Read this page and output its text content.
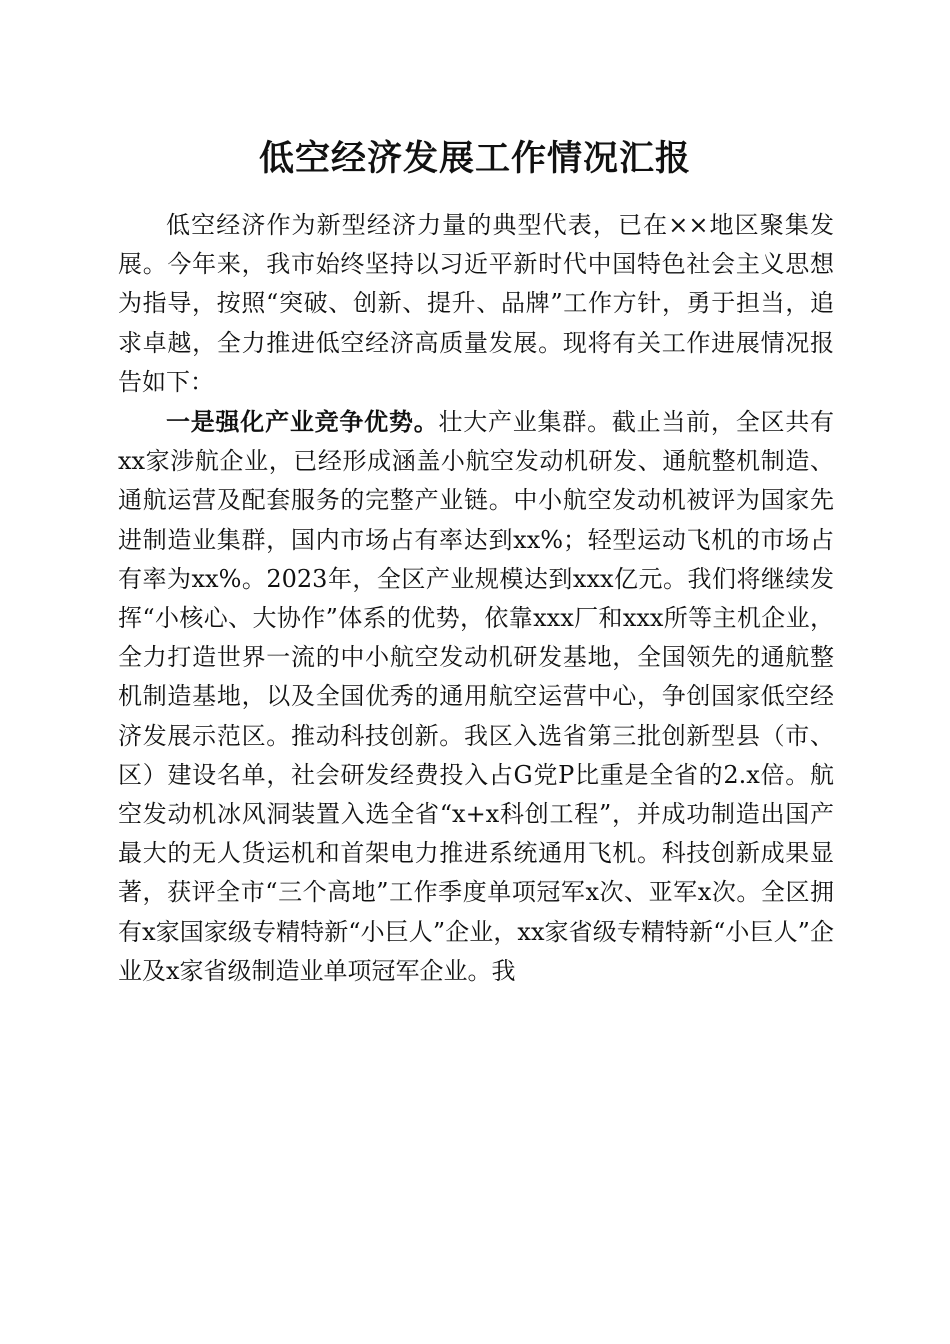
低空经济发展工作情况汇报

低空经济作为新型经济力量的典型代表，已在××地区聚集发展。今年来，我市始终坚持以习近平新时代中国特色社会主义思想为指导，按照“突破、创新、提升、品牌”工作方针，勇于担当，追求卓越，全力推进低空经济高质量发展。现将有关工作进展情况报告如下：

一是强化产业竞争优势。壮大产业集群。截止当前，全区共有xx家涉航企业，已经形成涵盖小航空发动机研发、通航整机制造、通航运营及配套服务的完整产业链。中小航空发动机被评为国家先进制造业集群，国内市场占有率达到xx%；轻型运动飞机的市场占有率为xx%。2023年，全区产业规模达到xxx亿元。我们将继续发挥“小核心、大协作”体系的优势，依靠xxx厂和xxx所等主机企业，全力打造世界一流的中小航空发动机研发基地，全国领先的通航整机制造基地，以及全国优秀的通用航空运营中心，争创国家低空经济发展示范区。推动科技创新。我区入选省第三批创新型县（市、区）建设名单，社会研发经费投入占G党P比重是全省的2.x倍。航空发动机冰风洞装置入选全省“x+x科创工程”，并成功制造出国产最大的无人货运机和首架电力推进系统通用飞机。科技创新成果显著，获评全市“三个高地”工作季度单项冠军x次、亚军x次。全区拥有x家国家级专精特新“小巨人”企业，xx家省级专精特新“小巨人”企业及x家省级制造业单项冠军企业。我
